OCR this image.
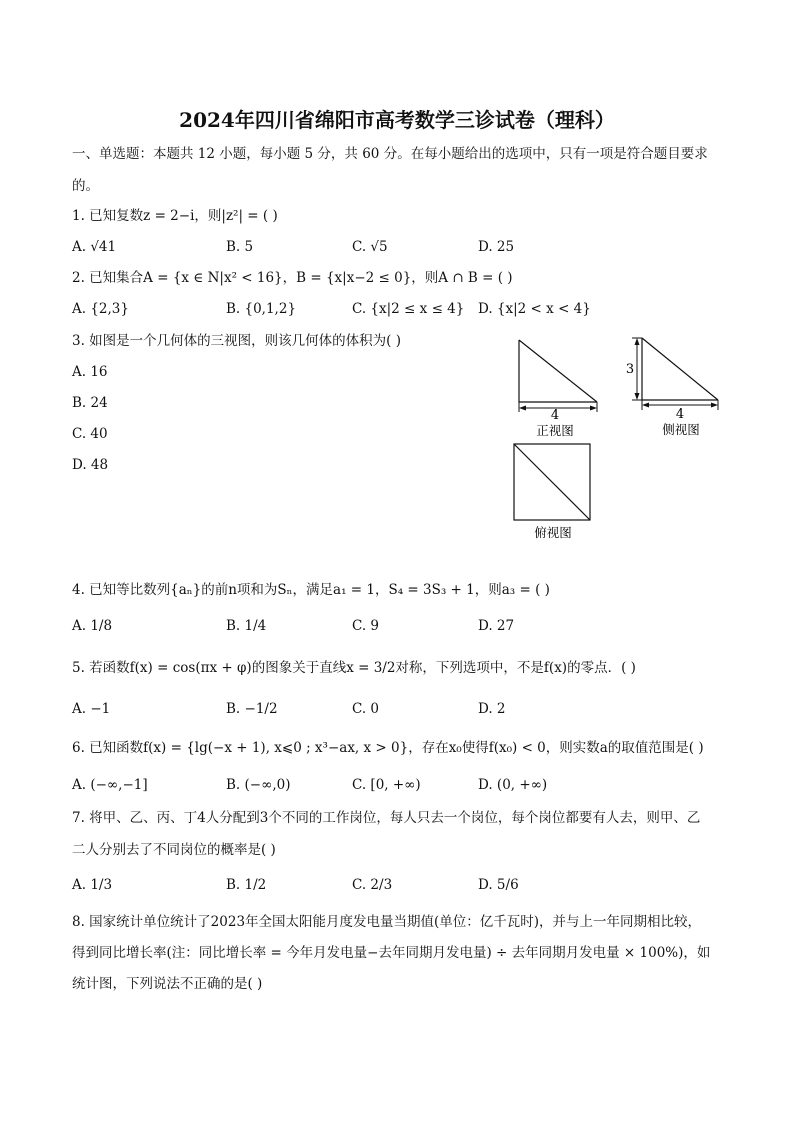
2024年四川省绵阳市高考数学三诊试卷（理科）
一、单选题：本题共 12 小题，每小题 5 分，共 60 分。在每小题给出的选项中，只有一项是符合题目要求
的。
1. 已知复数z = 2−i，则|z²| = ( )
A. √41	B. 5	C. √5	D. 25
2. 已知集合A = {x ∈ N|x² < 16}，B = {x|x−2 ≤ 0}，则A ∩ B = ( )
A. {2,3}	B. {0,1,2}	C. {x|2 ≤ x ≤ 4} D. {x|2 < x < 4}
3. 如图是一个几何体的三视图，则该几何体的体积为( )
A. 16
B. 24
C. 40
D. 48
4
正视图
3
4
侧视图
俯视图
4. 已知等比数列{aₙ}的前n项和为Sₙ，满足a₁ = 1，S₄ = 3S₃ + 1，则a₃ = ( )
A. 1/8	B. 1/4	C. 9	D. 27
5. 若函数f(x) = cos(πx + φ)的图象关于直线x = 3/2对称，下列选项中，不是f(x)的零点．( )
A. −1	B. −1/2	C. 0	D. 2
6. 已知函数f(x) = {lg(−x + 1), x⩽0 ; x³−ax, x > 0}，存在x₀使得f(x₀) < 0，则实数a的取值范围是( )
A. (−∞,−1]	B. (−∞,0)	C. [0, +∞)	D. (0, +∞)
7. 将甲、乙、丙、丁4人分配到3个不同的工作岗位，每人只去一个岗位，每个岗位都要有人去，则甲、乙
二人分别去了不同岗位的概率是( )
A. 1/3	B. 1/2	C. 2/3	D. 5/6
8. 国家统计单位统计了2023年全国太阳能月度发电量当期值(单位：亿千瓦时)，并与上一年同期相比较，
得到同比增长率(注：同比增长率 = 今年月发电量−去年同期月发电量) ÷ 去年同期月发电量 × 100%)，如
统计图，下列说法不正确的是( )
